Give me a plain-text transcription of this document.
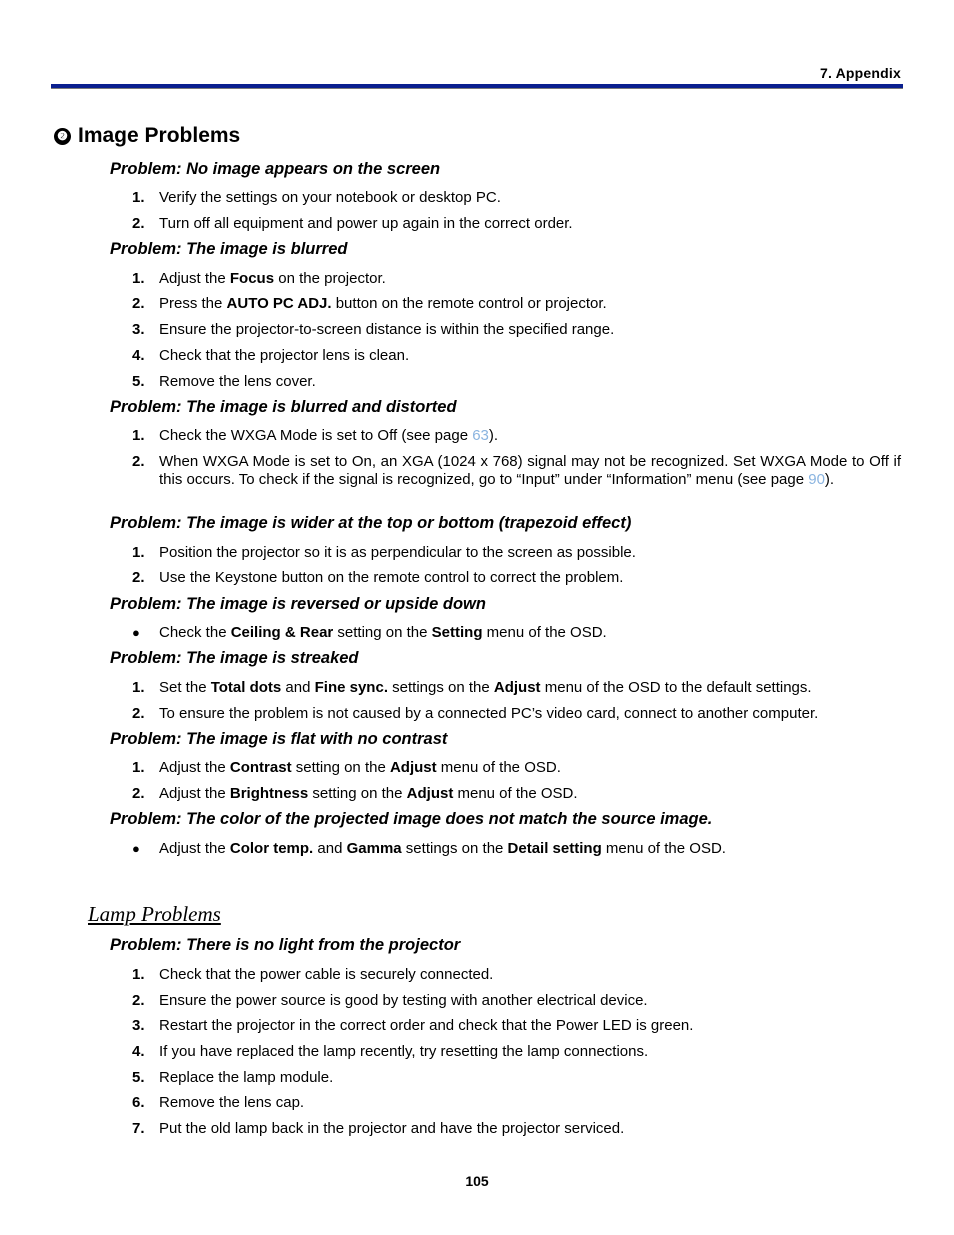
7. Appendix
❷ Image Problems
Problem: No image appears on the screen
1. Verify the settings on your notebook or desktop PC.
2. Turn off all equipment and power up again in the correct order.
Problem: The image is blurred
1. Adjust the Focus on the projector.
2. Press the AUTO PC ADJ. button on the remote control or projector.
3. Ensure the projector-to-screen distance is within the specified range.
4. Check that the projector lens is clean.
5. Remove the lens cover.
Problem: The image is blurred and distorted
1. Check the WXGA Mode is set to Off (see page 63).
2. When WXGA Mode is set to On, an XGA (1024 x 768) signal may not be recognized. Set WXGA Mode to Off if this occurs. To check if the signal is recognized, go to “Input” under “Information” menu (see page 90).
Problem: The image is wider at the top or bottom (trapezoid effect)
1. Position the projector so it is as perpendicular to the screen as possible.
2. Use the Keystone button on the remote control to correct the problem.
Problem: The image is reversed or upside down
● Check the Ceiling & Rear setting on the Setting menu of the OSD.
Problem: The image is streaked
1. Set the Total dots and Fine sync. settings on the Adjust menu of the OSD to the default settings.
2. To ensure the problem is not caused by a connected PC’s video card, connect to another computer.
Problem: The image is flat with no contrast
1. Adjust the Contrast setting on the Adjust menu of the OSD.
2. Adjust the Brightness setting on the Adjust menu of the OSD.
Problem: The color of the projected image does not match the source image.
● Adjust the Color temp. and Gamma settings on the Detail setting menu of the OSD.
Lamp Problems
Problem: There is no light from the projector
1. Check that the power cable is securely connected.
2. Ensure the power source is good by testing with another electrical device.
3. Restart the projector in the correct order and check that the Power LED is green.
4. If you have replaced the lamp recently, try resetting the lamp connections.
5. Replace the lamp module.
6. Remove the lens cap.
7. Put the old lamp back in the projector and have the projector serviced.
105
